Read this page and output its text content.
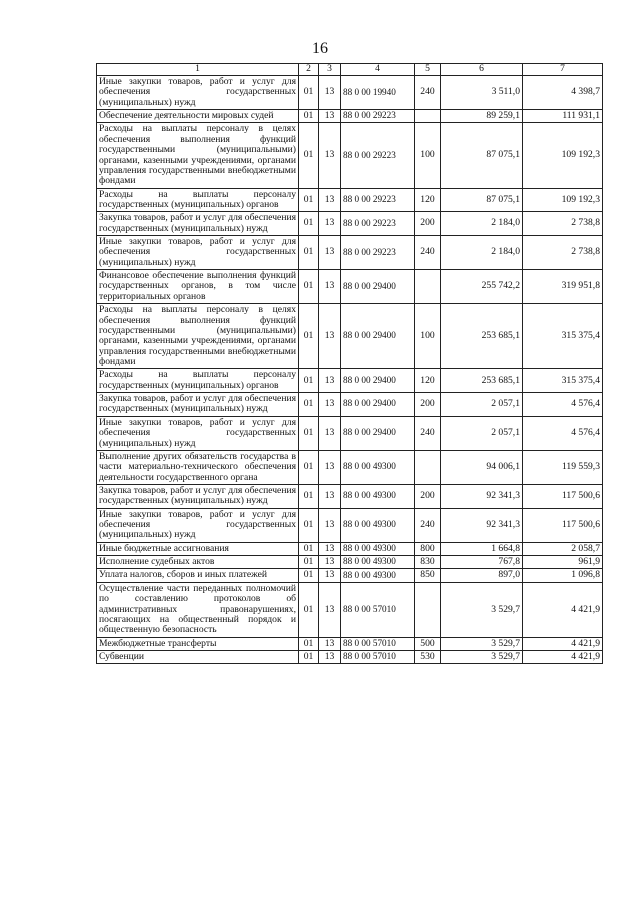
16
1	2	3	4	5	6	7
Иные закупки товаров, работ и услуг для обеспечения государственных (муниципальных) нужд	01	13	88 0 00 19940	240	3 511,0	4 398,7
Обеспечение деятельности мировых судей	01	13	88 0 00 29223		89 259,1	111 931,1
Расходы на выплаты персоналу в целях обеспечения выполнения функций государственными (муниципальными) органами, казенными учреждениями, органами управления государственными внебюджетными фондами	01	13	88 0 00 29223	100	87 075,1	109 192,3
Расходы на выплаты персоналу государственных (муниципальных) органов	01	13	88 0 00 29223	120	87 075,1	109 192,3
Закупка товаров, работ и услуг для обеспечения государственных (муниципальных) нужд	01	13	88 0 00 29223	200	2 184,0	2 738,8
Иные закупки товаров, работ и услуг для обеспечения государственных (муниципальных) нужд	01	13	88 0 00 29223	240	2 184,0	2 738,8
Финансовое обеспечение выполнения функций государственных органов, в том числе территориальных органов	01	13	88 0 00 29400		255 742,2	319 951,8
Расходы на выплаты персоналу в целях обеспечения выполнения функций государственными (муниципальными) органами, казенными учреждениями, органами управления государственными внебюджетными фондами	01	13	88 0 00 29400	100	253 685,1	315 375,4
Расходы на выплаты персоналу государственных (муниципальных) органов	01	13	88 0 00 29400	120	253 685,1	315 375,4
Закупка товаров, работ и услуг для обеспечения государственных (муниципальных) нужд	01	13	88 0 00 29400	200	2 057,1	4 576,4
Иные закупки товаров, работ и услуг для обеспечения государственных (муниципальных) нужд	01	13	88 0 00 29400	240	2 057,1	4 576,4
Выполнение других обязательств государства в части материально-технического обеспечения деятельности государственного органа	01	13	88 0 00 49300		94 006,1	119 559,3
Закупка товаров, работ и услуг для обеспечения государственных (муниципальных) нужд	01	13	88 0 00 49300	200	92 341,3	117 500,6
Иные закупки товаров, работ и услуг для обеспечения государственных (муниципальных) нужд	01	13	88 0 00 49300	240	92 341,3	117 500,6
Иные бюджетные ассигнования	01	13	88 0 00 49300	800	1 664,8	2 058,7
Исполнение судебных актов	01	13	88 0 00 49300	830	767,8	961,9
Уплата налогов, сборов и иных платежей	01	13	88 0 00 49300	850	897,0	1 096,8
Осуществление части переданных полномочий по составлению протоколов об административных правонарушениях, посягающих на общественный порядок и общественную безопасность	01	13	88 0 00 57010		3 529,7	4 421,9
Межбюджетные трансферты	01	13	88 0 00 57010	500	3 529,7	4 421,9
Субвенции	01	13	88 0 00 57010	530	3 529,7	4 421,9
